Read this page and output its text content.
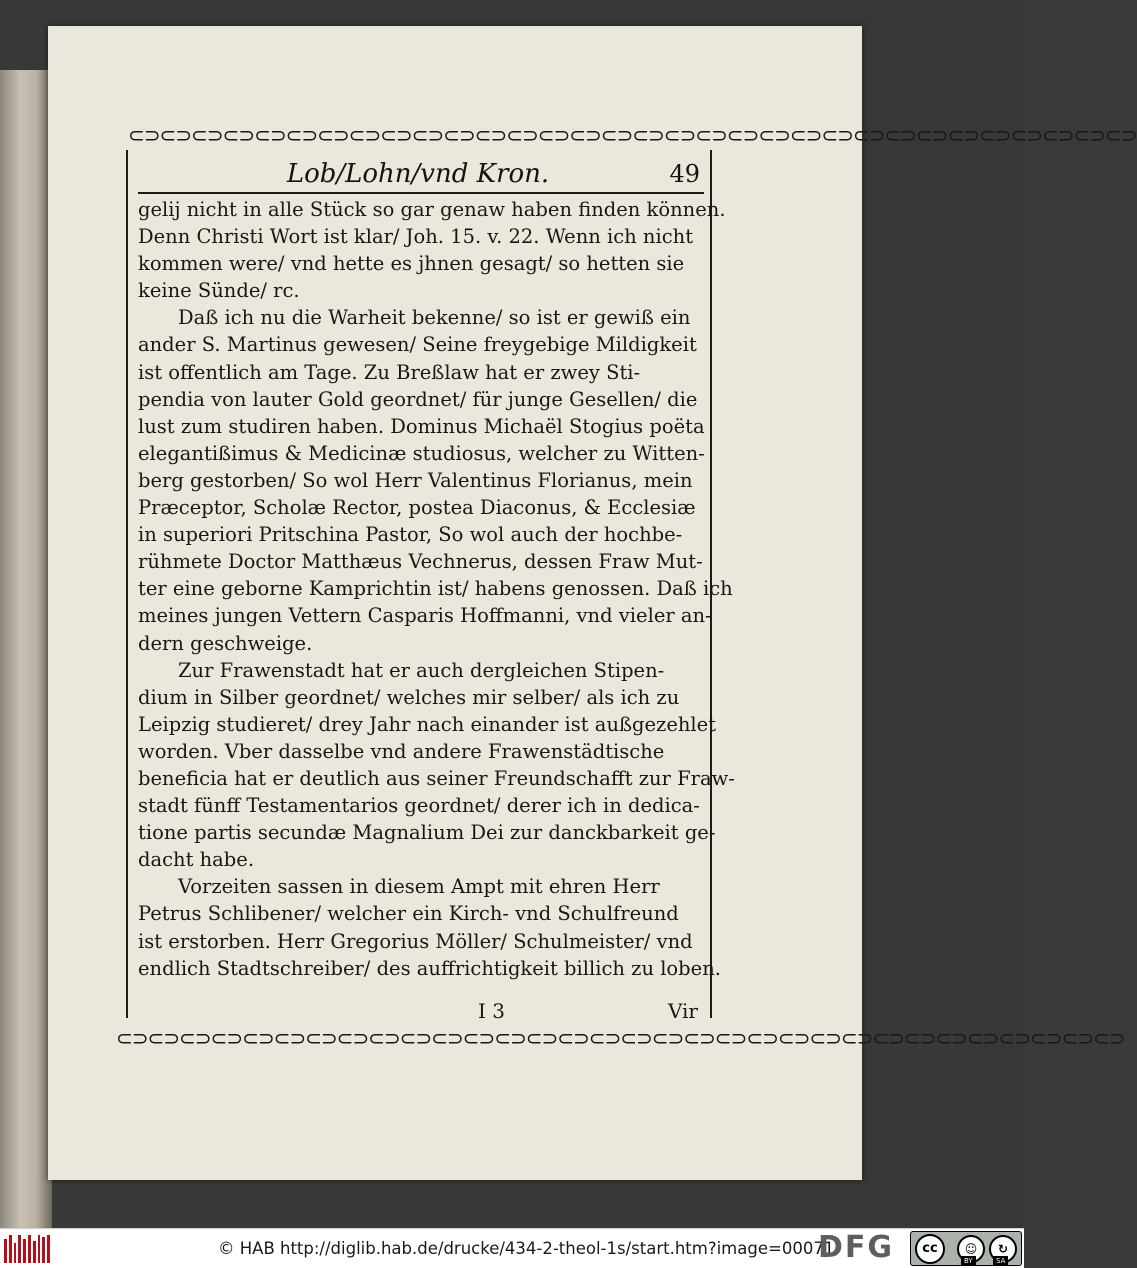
⊂⊃⊂⊃⊂⊃⊂⊃⊂⊃⊂⊃⊂⊃⊂⊃⊂⊃⊂⊃⊂⊃⊂⊃⊂⊃⊂⊃⊂⊃⊂⊃⊂⊃⊂⊃⊂⊃⊂⊃⊂⊃⊂⊃⊂⊃⊂⊃⊂⊃⊂⊃⊂⊃⊂⊃⊂⊃⊂⊃⊂⊃⊂⊃
Lob/Lohn/vnd Kron.	49
gelij nicht in alle Stück so gar genaw haben finden können.
Denn Christi Wort ist klar/ Joh. 15. v. 22. Wenn ich nicht
kommen were/ vnd hette es jhnen gesagt/ so hetten sie
keine Sünde/ rc.
Daß ich nu die Warheit bekenne/ so ist er gewiß ein
ander S. Martinus gewesen/ Seine freygebige Mildigkeit
ist offentlich am Tage. Zu Breßlaw hat er zwey Sti-
pendia von lauter Gold geordnet/ für junge Gesellen/ die
lust zum studiren haben. Dominus Michaël Stogius poëta
elegantißimus & Medicinæ studiosus, welcher zu Witten-
berg gestorben/ So wol Herr Valentinus Florianus, mein
Præceptor, Scholæ Rector, postea Diaconus, & Ecclesiæ
in superiori Pritschina Pastor, So wol auch der hochbe-
rühmete Doctor Matthæus Vechnerus, dessen Fraw Mut-
ter eine geborne Kamprichtin ist/ habens genossen. Daß ich
meines jungen Vettern Casparis Hoffmanni, vnd vieler an-
dern geschweige.
Zur Frawenstadt hat er auch dergleichen Stipen-
dium in Silber geordnet/ welches mir selber/ als ich zu
Leipzig studieret/ drey Jahr nach einander ist außgezehlet
worden. Vber dasselbe vnd andere Frawenstädtische
beneficia hat er deutlich aus seiner Freundschafft zur Fraw-
stadt fünff Testamentarios geordnet/ derer ich in dedica-
tione partis secundæ Magnalium Dei zur danckbarkeit ge-
dacht habe.
Vorzeiten sassen in diesem Ampt mit ehren Herr
Petrus Schlibener/ welcher ein Kirch- vnd Schulfreund
ist erstorben. Herr Gregorius Möller/ Schulmeister/ vnd
endlich Stadtschreiber/ des auffrichtigkeit billich zu loben.
I 3	Vir
⊂⊃⊂⊃⊂⊃⊂⊃⊂⊃⊂⊃⊂⊃⊂⊃⊂⊃⊂⊃⊂⊃⊂⊃⊂⊃⊂⊃⊂⊃⊂⊃⊂⊃⊂⊃⊂⊃⊂⊃⊂⊃⊂⊃⊂⊃⊂⊃⊂⊃⊂⊃⊂⊃⊂⊃⊂⊃⊂⊃⊂⊃⊂⊃
© HAB http://diglib.hab.de/drucke/434-2-theol-1s/start.htm?image=00071
DFG	cc	☺	↻
BY	SA
